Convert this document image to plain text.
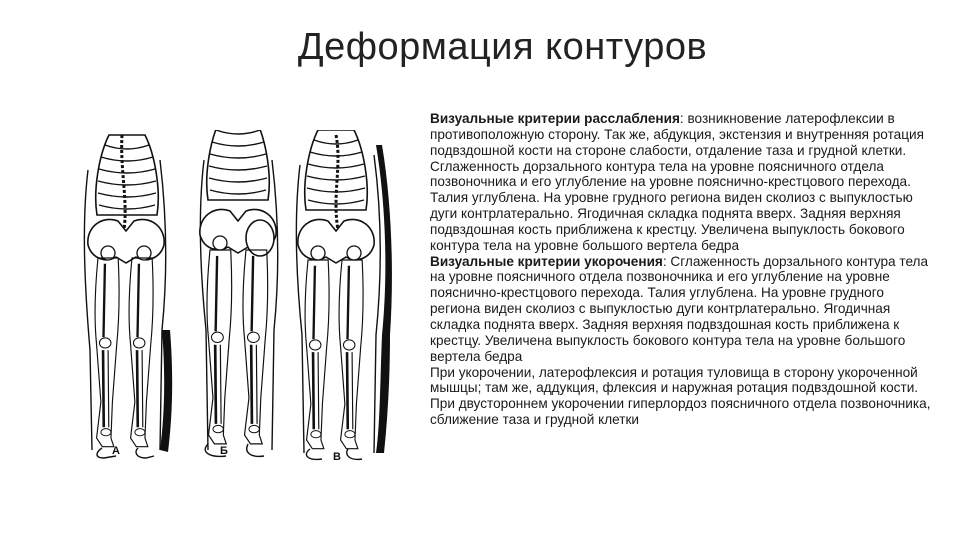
Деформация контуров
А	Б	В

Визуальные критерии расслабления: возникновение латерофлексии в противоположную сторону. Так же, абдукция, экстензия и внутренняя ротация подвздошной кости на стороне слабости, отдаление таза и грудной клетки. Сглаженность дорзального контура тела на уровне поясничного отдела позвоночника и его углубление на уровне пояснично-крестцового перехода. Талия углублена. На уровне грудного региона виден сколиоз с выпуклостью дуги контрлатерально. Ягодичная складка поднята вверх. Задняя верхняя подвздошная кость приближена к крестцу. Увеличена выпуклость бокового контура тела на уровне большого вертела бедра

Визуальные критерии укорочения: Сглаженность дорзального контура тела на уровне поясничного отдела позвоночника и его углубление на уровне пояснично-крестцового перехода. Талия углублена. На уровне грудного региона виден сколиоз с выпуклостью дуги контрлатерально. Ягодичная складка поднята вверх. Задняя верхняя подвздошная кость приближена к крестцу. Увеличена выпуклость бокового контура тела на уровне большого вертела бедра

При укорочении, латерофлексия и ротация туловища в сторону укороченной мышцы; там же, аддукция, флексия и наружная ротация подвздошной кости. При двустороннем укорочении гиперлордоз поясничного отдела позвоночника, сближение таза и грудной клетки
